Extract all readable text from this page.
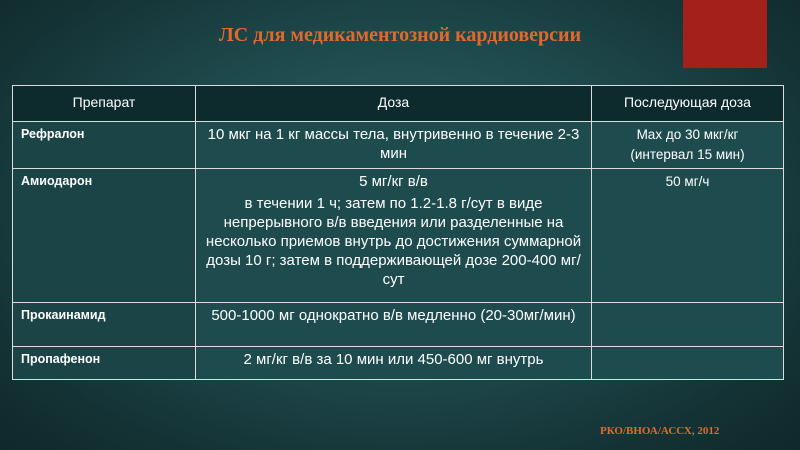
ЛС для медикаментозной кардиоверсии
Препарат	Доза	Последующая доза
Рефралон	10 мкг на 1 кг массы тела, внутривенно в течение 2-3 мин	Max до 30 мкг/кг
(интервал 15 мин)

Амиодарон	5 мг/кг в/в

в течении 1 ч; затем по 1.2-1.8 г/сут в виде непрерывного в/в введения или разделенные на несколько приемов внутрь до достижения суммарной дозы 10 г; затем в поддерживающей дозе 200-400 мг/сут	50 мг/ч

Прокаинамид	500-1000 мг однократно в/в медленно (20-30мг/мин)	

Пропафенон	2 мг/кг в/в за 10 мин или 450-600 мг внутрь	

РКО/ВНОА/АССХ, 2012
